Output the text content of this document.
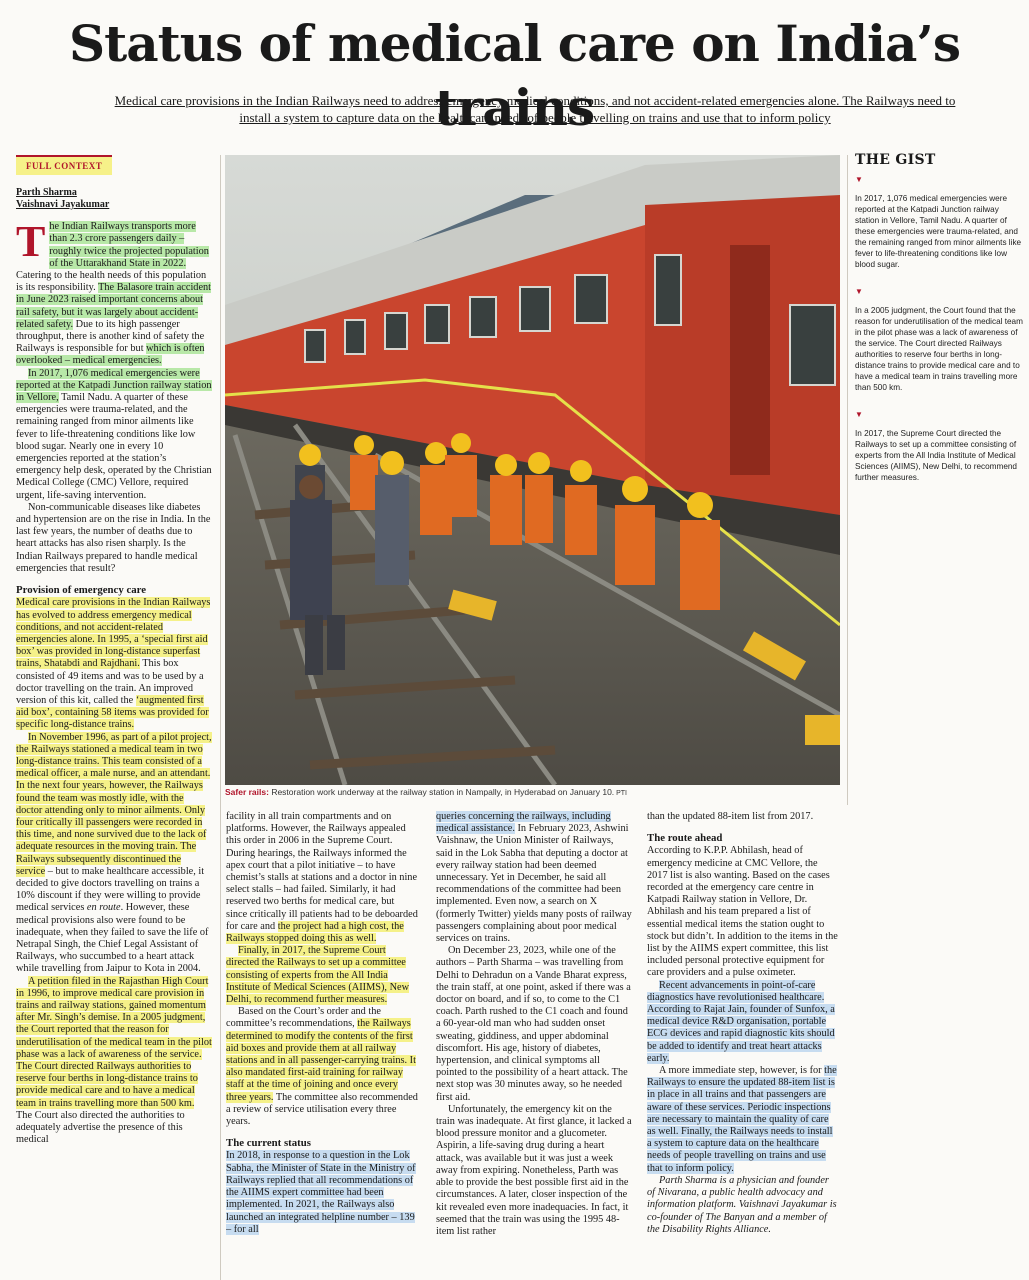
Status of medical care on India’s trains
Medical care provisions in the Indian Railways need to address emergency medical conditions, and not accident-related emergencies alone. The Railways need to
install a system to capture data on the healthcare needs of people travelling on trains and use that to inform policy
FULL CONTEXT
Parth Sharma
Vaishnavi Jayakumar

The Indian Railways transports more than 2.3 crore passengers daily – roughly twice the projected population of the Uttarakhand State in 2022. Catering to the health needs of this population is its responsibility. The Balasore train accident in June 2023 raised important concerns about rail safety, but it was largely about accident-related safety. Due to its high passenger throughput, there is another kind of safety the Railways is responsible for but which is often overlooked – medical emergencies.

In 2017, 1,076 medical emergencies were reported at the Katpadi Junction railway station in Vellore, Tamil Nadu. A quarter of these emergencies were trauma-related, and the remaining ranged from minor ailments like fever to life-threatening conditions like low blood sugar. Nearly one in every 10 emergencies reported at the station’s emergency help desk, operated by the Christian Medical College (CMC) Vellore, required urgent, life-saving intervention.

Non-communicable diseases like diabetes and hypertension are on the rise in India. In the last few years, the number of deaths due to heart attacks has also risen sharply. Is the Indian Railways prepared to handle medical emergencies that result?

Provision of emergency care

Medical care provisions in the Indian Railways has evolved to address emergency medical conditions, and not accident-related emergencies alone. In 1995, a ‘special first aid box’ was provided in long-distance superfast trains, Shatabdi and Rajdhani. This box consisted of 49 items and was to be used by a doctor travelling on the train. An improved version of this kit, called the ‘augmented first aid box’, containing 58 items was provided for specific long-distance trains.

In November 1996, as part of a pilot project, the Railways stationed a medical team in two long-distance trains. This team consisted of a medical officer, a male nurse, and an attendant. In the next four years, however, the Railways found the team was mostly idle, with the doctor attending only to minor ailments. Only four critically ill passengers were recorded in this time, and none survived due to the lack of adequate resources in the moving train. The Railways subsequently discontinued the service – but to make healthcare accessible, it decided to give doctors travelling on trains a 10% discount if they were willing to provide medical services en route. However, these medical provisions also were found to be inadequate, when they failed to save the life of Netrapal Singh, the Chief Legal Assistant of Railways, who succumbed to a heart attack while travelling from Jaipur to Kota in 2004.

A petition filed in the Rajasthan High Court in 1996, to improve medical care provision in trains and railway stations, gained momentum after Mr. Singh’s demise. In a 2005 judgment, the Court reported that the reason for underutilisation of the medical team in the pilot phase was a lack of awareness of the service. The Court directed Railways authorities to reserve four berths in long-distance trains to provide medical care and to have a medical team in trains travelling more than 500 km. The Court also directed the authorities to adequately advertise the presence of this medical

Safer rails: Restoration work underway at the railway station in Nampally, in Hyderabad on January 10. PTI
THE GIST
▼
In 2017, 1,076 medical emergencies were reported at the Katpadi Junction railway station in Vellore, Tamil Nadu. A quarter of these emergencies were trauma-related, and the remaining ranged from minor ailments like fever to life-threatening conditions like low blood sugar.
▼
In a 2005 judgment, the Court found that the reason for underutilisation of the medical team in the pilot phase was a lack of awareness of the service. The Court directed Railways authorities to reserve four berths in long-distance trains to provide medical care and to have a medical team in trains travelling more than 500 km.
▼
In 2017, the Supreme Court directed the Railways to set up a committee consisting of experts from the All India Institute of Medical Sciences (AIIMS), New Delhi, to recommend further measures.

facility in all train compartments and on platforms. However, the Railways appealed this order in 2006 in the Supreme Court. During hearings, the Railways informed the apex court that a pilot initiative – to have chemist’s stalls at stations and a doctor in nine select stalls – had failed. Similarly, it had reserved two berths for medical care, but since critically ill patients had to be deboarded for care and the project had a high cost, the Railways stopped doing this as well.

Finally, in 2017, the Supreme Court directed the Railways to set up a committee consisting of experts from the All India Institute of Medical Sciences (AIIMS), New Delhi, to recommend further measures.

Based on the Court’s order and the committee’s recommendations, the Railways determined to modify the contents of the first aid boxes and provide them at all railway stations and in all passenger-carrying trains. It also mandated first-aid training for railway staff at the time of joining and once every three years. The committee also recommended a review of service utilisation every three years.

The current status

In 2018, in response to a question in the Lok Sabha, the Minister of State in the Ministry of Railways replied that all recommendations of the AIIMS expert committee had been implemented. In 2021, the Railways also launched an integrated helpline number – 139 – for all

queries concerning the railways, including medical assistance. In February 2023, Ashwini Vaishnaw, the Union Minister of Railways, said in the Lok Sabha that deputing a doctor at every railway station had been deemed unnecessary. Yet in December, he said all recommendations of the committee had been implemented. Even now, a search on X (formerly Twitter) yields many posts of railway passengers complaining about poor medical services on trains.

On December 23, 2023, while one of the authors – Parth Sharma – was travelling from Delhi to Dehradun on a Vande Bharat express, the train staff, at one point, asked if there was a doctor on board, and if so, to come to the C1 coach. Parth rushed to the C1 coach and found a 60-year-old man who had sudden onset sweating, giddiness, and upper abdominal discomfort. His age, history of diabetes, hypertension, and clinical symptoms all pointed to the possibility of a heart attack. The next stop was 30 minutes away, so he needed first aid.

Unfortunately, the emergency kit on the train was inadequate. At first glance, it lacked a blood pressure monitor and a glucometer. Aspirin, a life-saving drug during a heart attack, was available but it was just a week away from expiring. Nonetheless, Parth was able to provide the best possible first aid in the circumstances. A later, closer inspection of the kit revealed even more inadequacies. In fact, it seemed that the train was using the 1995 48-item list rather

than the updated 88-item list from 2017.

The route ahead

According to K.P.P. Abhilash, head of emergency medicine at CMC Vellore, the 2017 list is also wanting. Based on the cases recorded at the emergency care centre in Katpadi Railway station in Vellore, Dr. Abhilash and his team prepared a list of essential medical items the station ought to stock but didn’t. In addition to the items in the list by the AIIMS expert committee, this list included personal protective equipment for care providers and a pulse oximeter.

Recent advancements in point-of-care diagnostics have revolutionised healthcare. According to Rajat Jain, founder of Sunfox, a medical device R&D organisation, portable ECG devices and rapid diagnostic kits should be added to identify and treat heart attacks early.

A more immediate step, however, is for the Railways to ensure the updated 88-item list is in place in all trains and that passengers are aware of these services. Periodic inspections are necessary to maintain the quality of care as well. Finally, the Railways needs to install a system to capture data on the healthcare needs of people travelling on trains and use that to inform policy.

Parth Sharma is a physician and founder of Nivarana, a public health advocacy and information platform. Vaishnavi Jayakumar is co-founder of The Banyan and a member of the Disability Rights Alliance.
